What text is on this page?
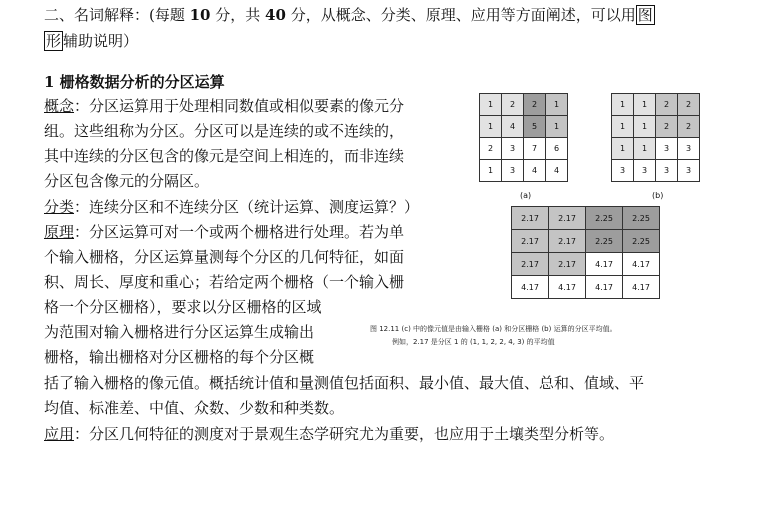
二、名词解释：(每题 10 分，共 40 分，从概念、分类、原理、应用等方面阐述，可以用 图
形 辅助说明）
1 栅格数据分析的分区运算
概念：分区运算用于处理相同数值或相似要素的像元分
组。这些组称为分区。分区可以是连续的或不连续的，
其中连续的分区包含的像元是空间上相连的，而非连续
分区包含像元的分隔区。
分类：连续分区和不连续分区（统计运算、测度运算？）
原理：分区运算可对一个或两个栅格进行处理。若为单
个输入栅格，分区运算量测每个分区的几何特征，如面
积、周长、厚度和重心；若给定两个栅格（一个输入栅
格一个分区栅格），要求以分区栅格的区域
为范围对输入栅格进行分区运算生成输出
栅格，输出栅格对分区栅格的每个分区概
括了输入栅格的像元值。概括统计值和量测值包括面积、最小值、最大值、总和、值域、平
均值、标准差、中值、众数、少数和种类数。
应用：分区几何特征的测度对于景观生态学研究尤为重要，也应用于土壤类型分析等。
1	2	2	1
1	4	5	1
2	3	7	6
1	3	4	4
(a)
1	1	2	2
1	1	2	2
1	1	3	3
3	3	3	3
(b)
2.17	2.17	2.25	2.25
2.17	2.17	2.25	2.25
2.17	2.17	4.17	4.17
4.17	4.17	4.17	4.17
图 12.11 (c) 中的像元值是由输入栅格 (a) 和分区栅格 (b) 运算的分区平均值。
例如，2.17 是分区 1 的 (1, 1, 2, 2, 4, 3) 的平均值
